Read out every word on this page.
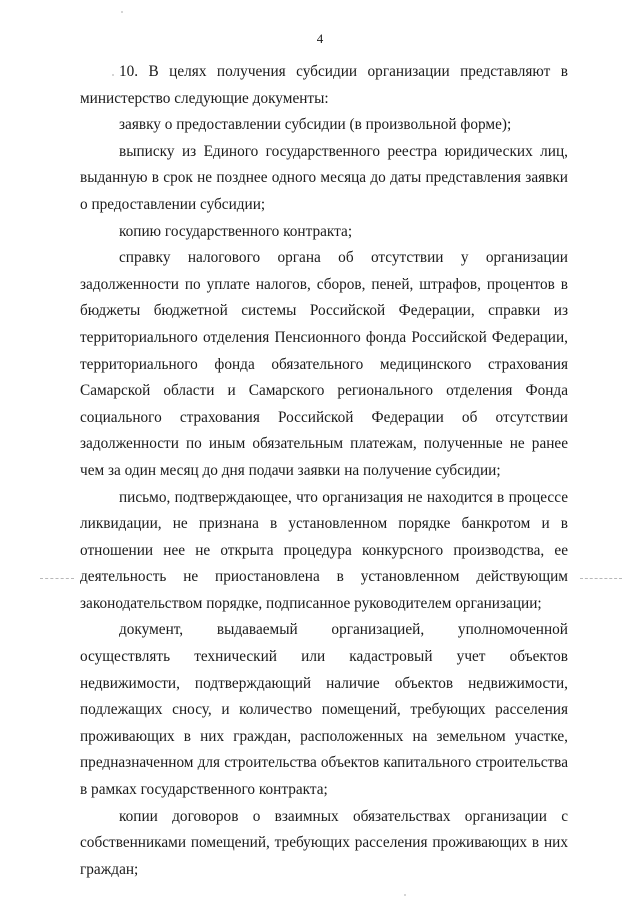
4

10. В целях получения субсидии организации представляют в министерство следующие документы:

заявку о предоставлении субсидии (в произвольной форме);

выписку из Единого государственного реестра юридических лиц, выданную в срок не позднее одного месяца до даты представления заявки о предоставлении субсидии;

копию государственного контракта;

справку налогового органа об отсутствии у организации задолженности по уплате налогов, сборов, пеней, штрафов, процентов в бюджеты бюджетной системы Российской Федерации, справки из территориального отделения Пенсионного фонда Российской Федерации, территориального фонда обязательного медицинского страхования Самарской области и Самарского регионального отделения Фонда социального страхования Российской Федерации об отсутствии задолженности по иным обязательным платежам, полученные не ранее чем за один месяц до дня подачи заявки на получение субсидии;

письмо, подтверждающее, что организация не находится в процессе ликвидации, не признана в установленном порядке банкротом и в отношении нее не открыта процедура конкурсного производства, ее деятельность не приостановлена в установленном действующим законодательством порядке, подписанное руководителем организации;

документ, выдаваемый организацией, уполномоченной осуществлять технический или кадастровый учет объектов недвижимости, подтверждающий наличие объектов недвижимости, подлежащих сносу, и количество помещений, требующих расселения проживающих в них граждан, расположенных на земельном участке, предназначенном для строительства объектов капитального строительства в рамках государственного контракта;

копии договоров о взаимных обязательствах организации с собственниками помещений, требующих расселения проживающих в них граждан;
